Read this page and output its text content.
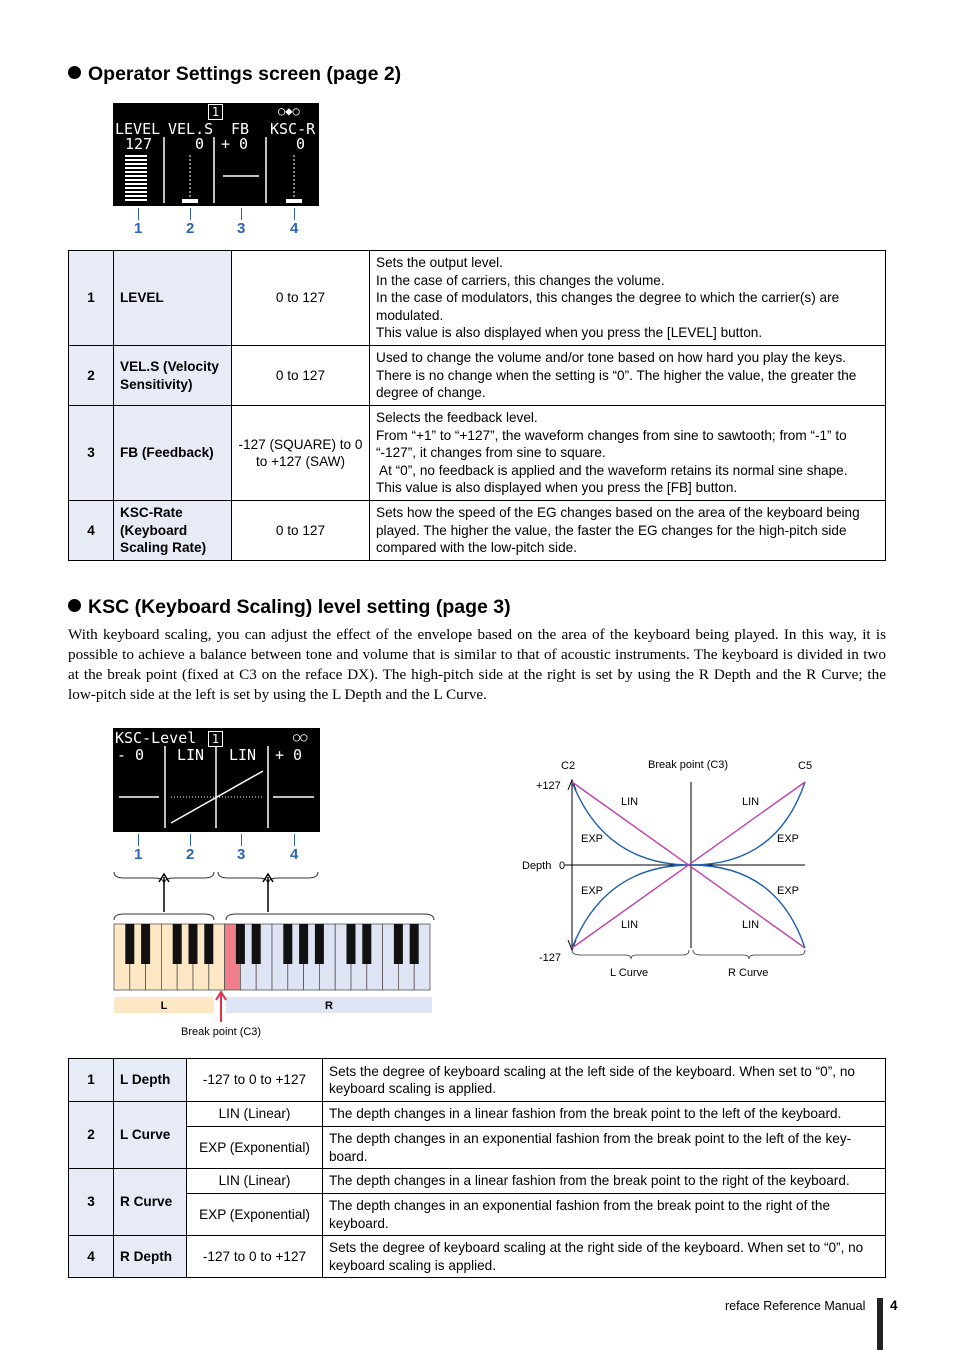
Operator Settings screen (page 2)
1	○◆○
LEVEL VEL.S FB KSC-R
127	0 + 0	0
1	2	3	4
1	LEVEL	0 to 127	Sets the output level.
In the case of carriers, this changes the volume.
In the case of modulators, this changes the degree to which the carrier(s) are modulated.
This value is also displayed when you press the [LEVEL] button.

2	VEL.S (Velocity Sensitivity)	0 to 127	Used to change the volume and/or tone based on how hard you play the keys. There is no change when the setting is “0”. The higher the value, the greater the degree of change.

3	FB (Feedback)	-127 (SQUARE) to 0 to +127 (SAW)	Selects the feedback level.
From “+1” to “+127”, the waveform changes from sine to sawtooth; from “-1” to “-127”, it changes from sine to square.
At “0”, no feedback is applied and the waveform retains its normal sine shape.
This value is also displayed when you press the [FB] button.

4	KSC-Rate (Keyboard Scaling Rate)	0 to 127	Sets how the speed of the EG changes based on the area of the keyboard being played. The higher the value, the faster the EG changes for the high-pitch side compared with the low-pitch side.
KSC (Keyboard Scaling) level setting (page 3)
With keyboard scaling, you can adjust the effect of the envelope based on the area of the keyboard being played. In this way, it is possible to achieve a balance between tone and volume that is similar to that of acoustic instruments. The keyboard is divided in two at the break point (fixed at C3 on the reface DX). The high-pitch side at the right is set by using the R Depth and the R Curve; the low-pitch side at the left is set by using the L Depth and the L Curve.
KSC-Level	1	○○
- 0 LIN LIN + 0
1	2	3	4
L	R
Break point (C3)
C2	Break point (C3)	C5
+127
Depth 0
-127
LIN	LIN
EXP	EXP
EXP	EXP
LIN	LIN
L Curve	R Curve
1	L Depth	-127 to 0 to +127	Sets the degree of keyboard scaling at the left side of the keyboard. When set to “0”, no keyboard scaling is applied.
2	L Curve	LIN (Linear)	The depth changes in a linear fashion from the break point to the left of the keyboard.
		EXP (Exponential)	The depth changes in an exponential fashion from the break point to the left of the key-board.
3	R Curve	LIN (Linear)	The depth changes in a linear fashion from the break point to the right of the keyboard.
		EXP (Exponential)	The depth changes in an exponential fashion from the break point to the right of the keyboard.
4	R Depth	-127 to 0 to +127	Sets the degree of keyboard scaling at the right side of the keyboard. When set to “0”, no keyboard scaling is applied.
reface Reference Manual 4
